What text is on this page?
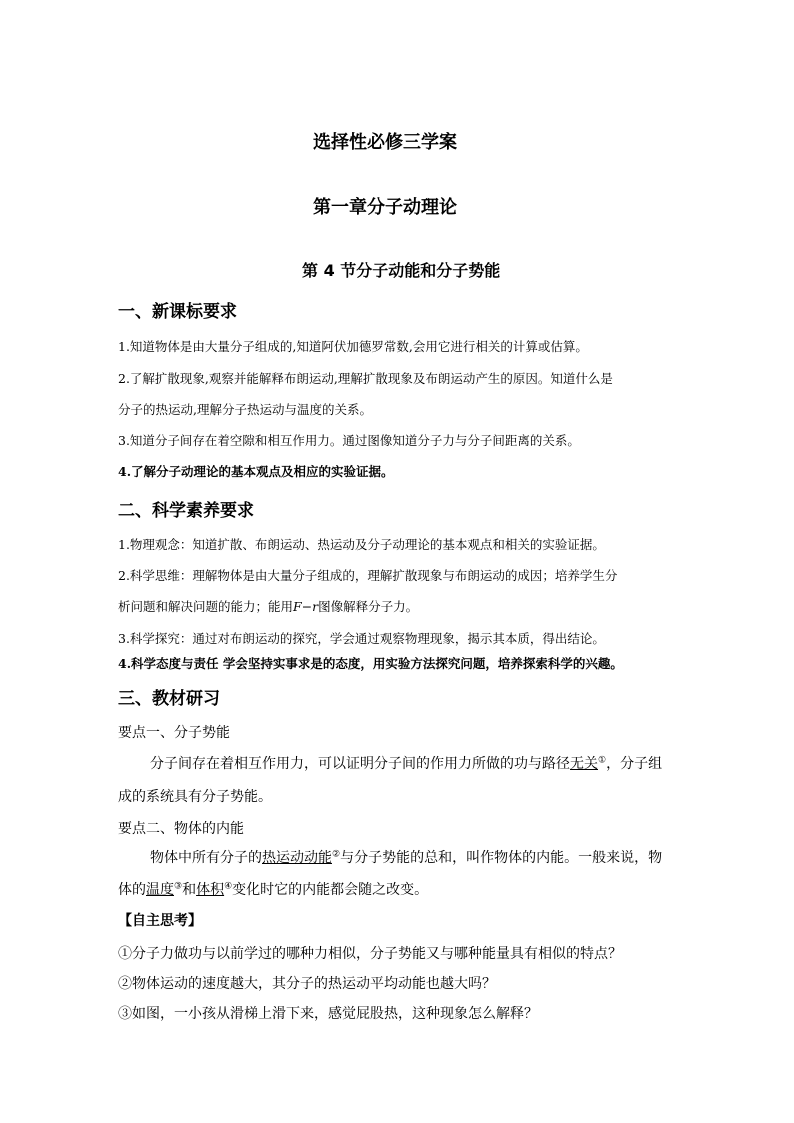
选择性必修三学案
第一章分子动理论
第 4 节分子动能和分子势能
一、新课标要求
1.知道物体是由大量分子组成的,知道阿伏加德罗常数,会用它进行相关的计算或估算。
2.了解扩散现象,观察并能解释布朗运动,理解扩散现象及布朗运动产生的原因。知道什么是
分子的热运动,理解分子热运动与温度的关系。
3.知道分子间存在着空隙和相互作用力。通过图像知道分子力与分子间距离的关系。
4.了解分子动理论的基本观点及相应的实验证据。
二、科学素养要求
1.物理观念：知道扩散、布朗运动、热运动及分子动理论的基本观点和相关的实验证据。
2.科学思维：理解物体是由大量分子组成的，理解扩散现象与布朗运动的成因；培养学生分
析问题和解决问题的能力；能用F−r图像解释分子力。
3.科学探究：通过对布朗运动的探究，学会通过观察物理现象，揭示其本质，得出结论。
4.科学态度与责任 学会坚持实事求是的态度，用实验方法探究问题，培养探索科学的兴趣。
三、教材研习
要点一、分子势能
分子间存在着相互作用力，可以证明分子间的作用力所做的功与路径无关①，分子组
成的系统具有分子势能。
要点二、物体的内能
物体中所有分子的热运动动能②与分子势能的总和，叫作物体的内能。一般来说，物
体的温度③和体积④变化时它的内能都会随之改变。
【自主思考】
①分子力做功与以前学过的哪种力相似，分子势能又与哪种能量具有相似的特点？
②物体运动的速度越大，其分子的热运动平均动能也越大吗？
③如图，一小孩从滑梯上滑下来，感觉屁股热，这种现象怎么解释？
